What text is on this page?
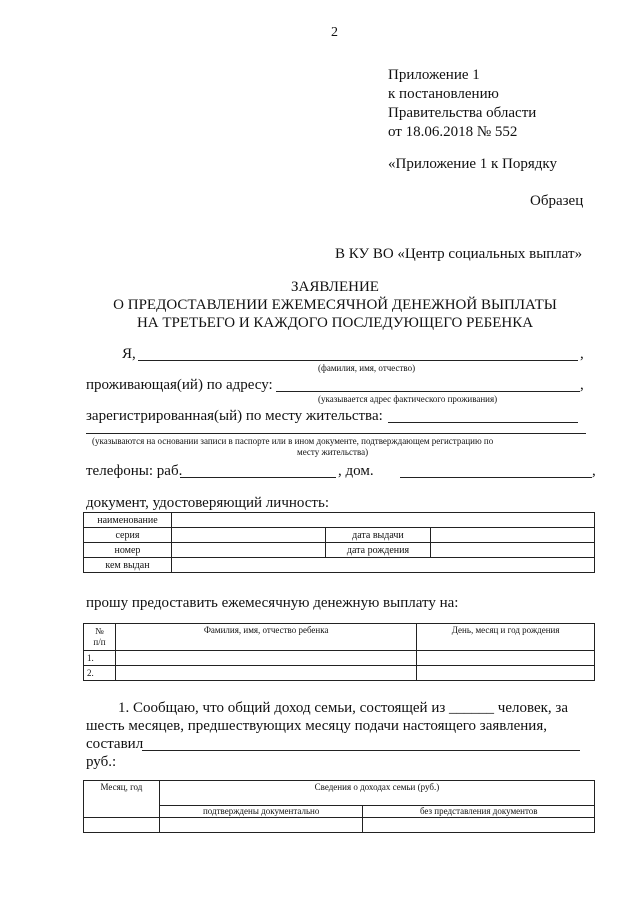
2
Приложение 1
к постановлению
Правительства области
от 18.06.2018 № 552
«Приложение 1 к Порядку
Образец
В КУ ВО «Центр социальных выплат»
ЗАЯВЛЕНИЕ
О ПРЕДОСТАВЛЕНИИ ЕЖЕМЕСЯЧНОЙ ДЕНЕЖНОЙ ВЫПЛАТЫ
НА ТРЕТЬЕГО И КАЖДОГО ПОСЛЕДУЮЩЕГО РЕБЕНКА
Я,	,
(фамилия, имя, отчество)
проживающая(ий) по адресу:	,
(указывается адрес фактического проживания)
зарегистрированная(ый) по месту жительства:
(указываются на основании записи в паспорте или в ином документе, подтверждающем регистрацию по
месту жительства)
телефоны: раб.	, дом.	,
документ, удостоверяющий личность:
наименование			
серия		дата выдачи	
номер		дата рождения	
кем выдан			
прошу предоставить ежемесячную денежную выплату на:
№
п/п	Фамилия, имя, отчество ребенка	День, месяц и год рождения
1.		
2.		
1. Сообщаю, что общий доход семьи, состоящей из ______ человек, за
шесть месяцев, предшествующих месяцу подачи настоящего заявления,
составил
руб.:
Месяц, год	Сведения о доходах семьи (руб.)	
	подтверждены документально	без представления документов
